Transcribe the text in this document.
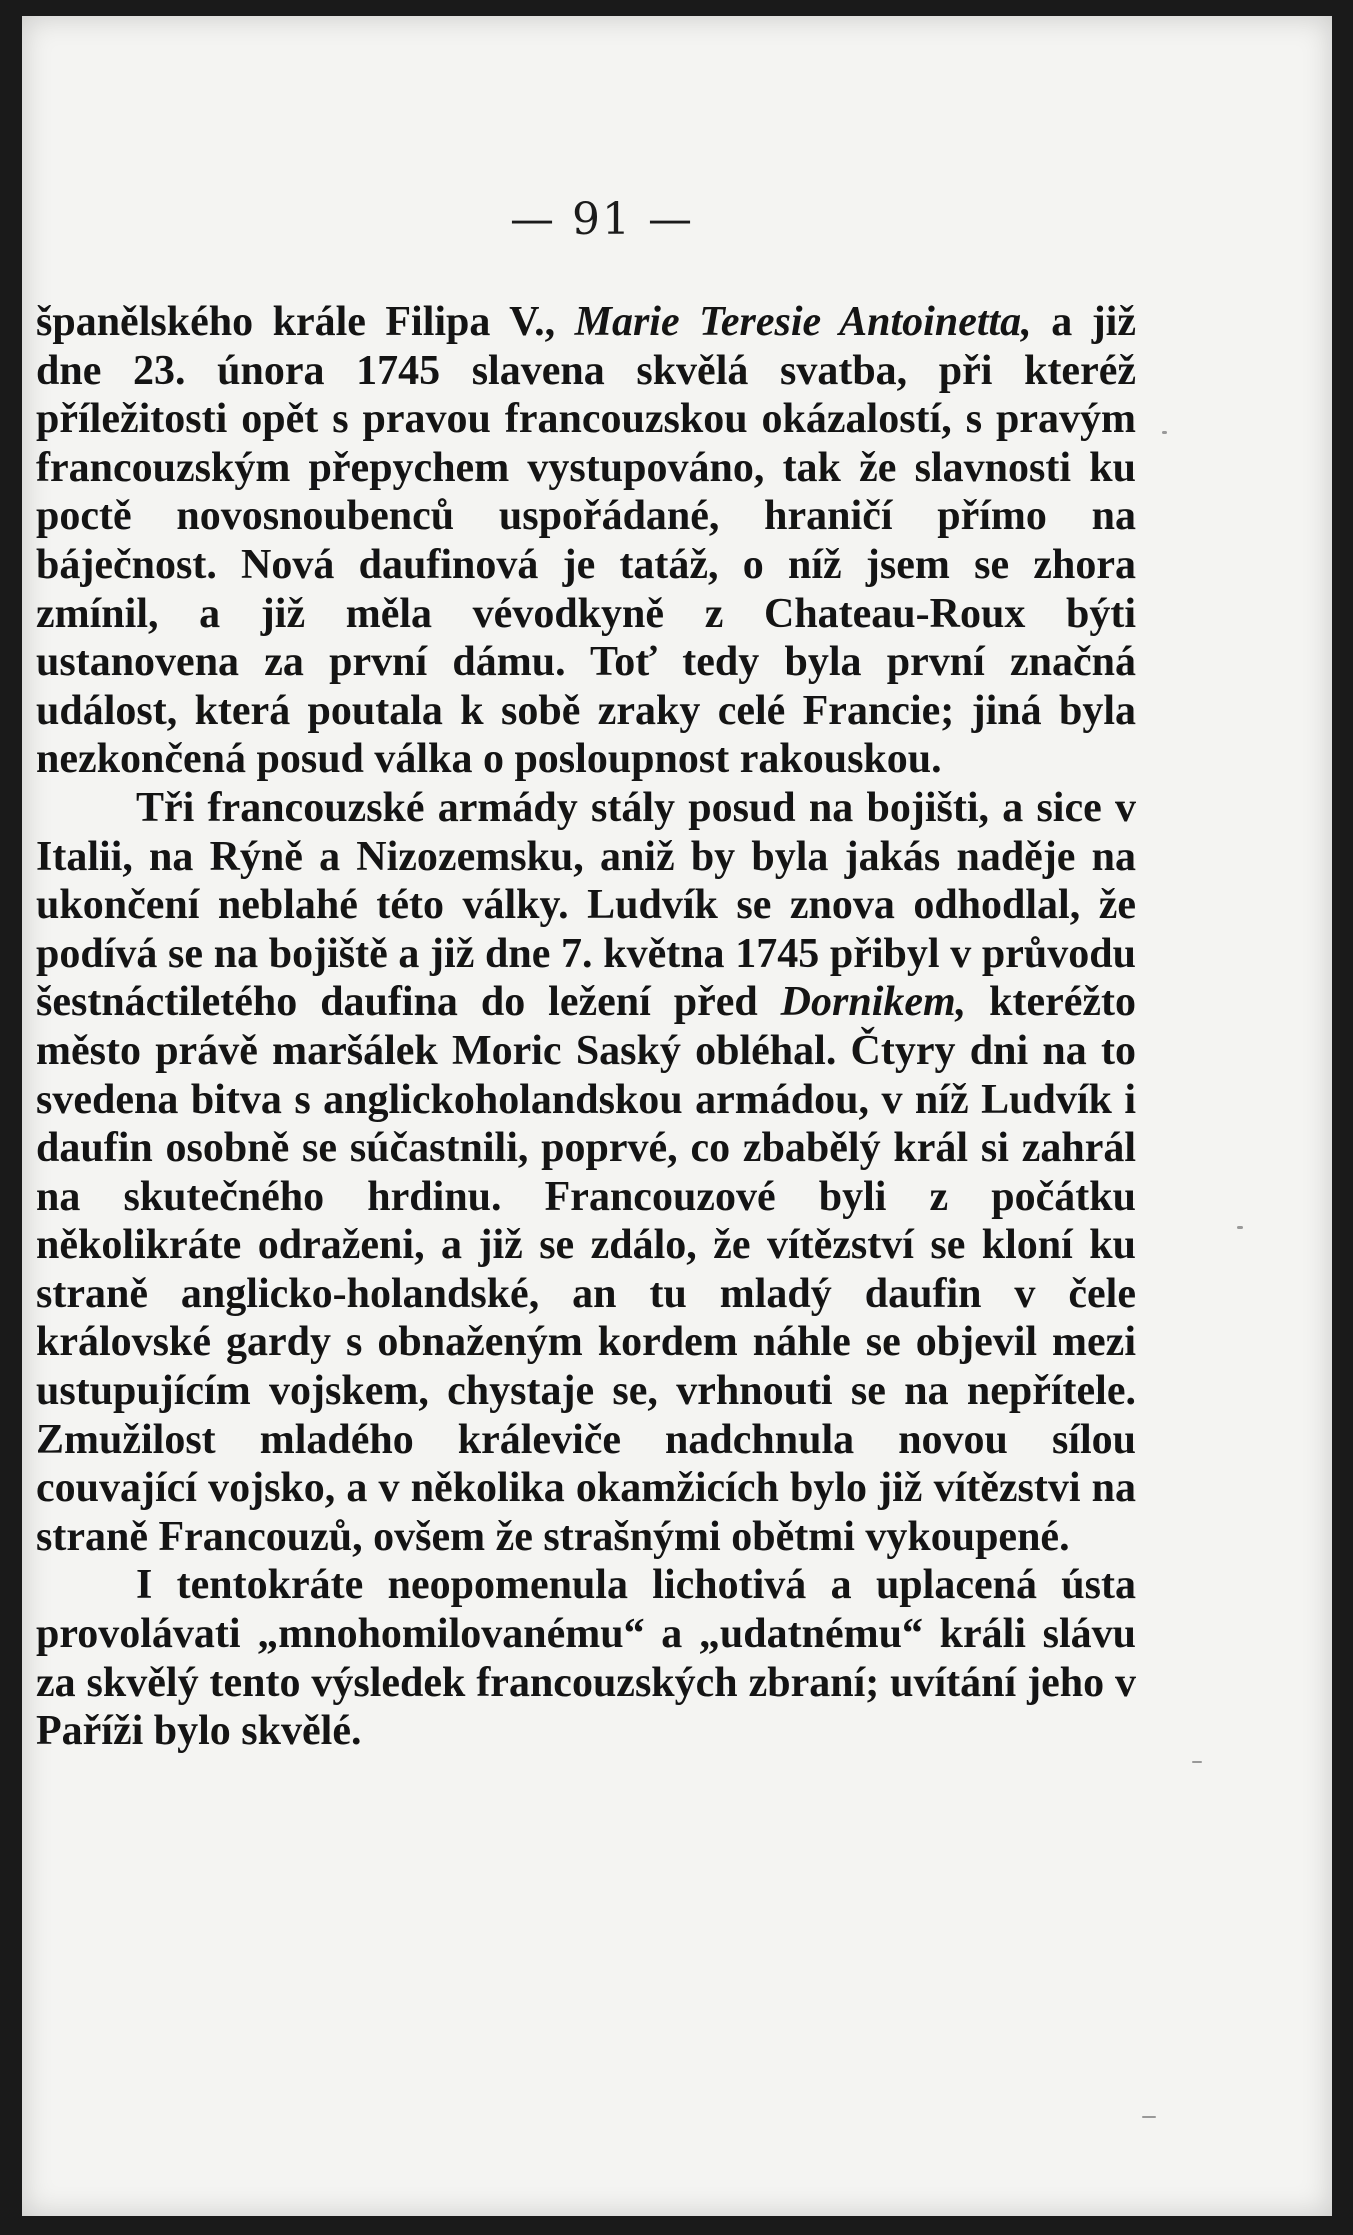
— 91 —

španělského krále Filipa V., Marie Teresie Antoinetta, a již dne 23. února 1745 slavena skvělá svatba, při kteréž příležitosti opět s pravou francouzskou okázalostí, s pravým francouzským přepychem vystupováno, tak že slavnosti ku poctě novosnoubenců uspořádané, hraničí přímo na báječnost. Nová daufinová je tatáž, o níž jsem se zhora zmínil, a již měla vévodkyně z Chateau-Roux býti ustanovena za první dámu. Toť tedy byla první značná událost, která poutala k sobě zraky celé Francie; jiná byla nezkončená posud válka o posloupnost rakouskou.

Tři francouzské armády stály posud na bojišti, a sice v Italii, na Rýně a Nizozemsku, aniž by byla jakás naděje na ukončení neblahé této války. Ludvík se znova odhodlal, že podívá se na bojiště a již dne 7. května 1745 přibyl v průvodu šestnáctiletého daufina do ležení před Dornikem, kteréžto město právě maršálek Moric Saský obléhal. Čtyry dni na to svedena bitva s anglickoholandskou armádou, v níž Ludvík i daufin osobně se súčastnili, poprvé, co zbabělý král si zahrál na skutečného hrdinu. Francouzové byli z počátku několikráte odraženi, a již se zdálo, že vítězství se kloní ku straně anglicko-holandské, an tu mladý daufin v čele královské gardy s obnaženým kordem náhle se objevil mezi ustupujícím vojskem, chystaje se, vrhnouti se na nepřítele. Zmužilost mladého králeviče nadchnula novou sílou couvající vojsko, a v několika okamžicích bylo již vítězstvi na straně Francouzů, ovšem že strašnými obětmi vykoupené.

I tentokráte neopomenula lichotivá a uplacená ústa provolávati „mnohomilovanému“ a „udatnému“ králi slávu za skvělý tento výsledek francouzských zbraní; uvítání jeho v Paříži bylo skvělé.
